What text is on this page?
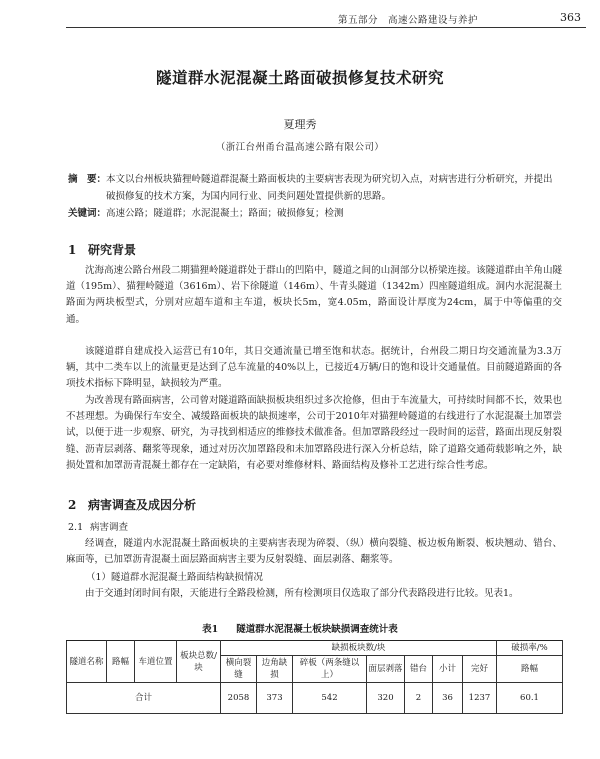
第五部分　高速公路建设与养护	363
隧道群水泥混凝土路面破损修复技术研究
夏理秀
（浙江台州甬台温高速公路有限公司）
摘　要： 本文以台州板块猫狸岭隧道群混凝土路面板块的主要病害表现为研究切入点，对病害进行分析研究，并提出破损修复的技术方案，为国内同行业、同类问题处置提供新的思路。
关键词： 高速公路；隧道群；水泥混凝土；路面；破损修复；检测
1 研究背景

沈海高速公路台州段二期猫狸岭隧道群处于群山的凹陷中，隧道之间的山洞部分以桥梁连接。该隧道群由羊角山隧道（195m）、猫狸岭隧道（3616m）、岩下徐隧道（146m）、牛青头隧道（1342m）四座隧道组成。洞内水泥混凝土路面为两块板型式，分别对应超车道和主车道，板块长5m，宽4.05m，路面设计厚度为24cm，属于中等偏重的交通。

该隧道群自建成投入运营已有10年，其日交通流量已增至饱和状态。据统计，台州段二期日均交通流量为3.3万辆，其中二类车以上的流量更是达到了总车流量的40%以上，已接近4万辆/日的饱和设计交通量值。目前隧道路面的各项技术指标下降明显，缺损较为严重。

为改善现有路面病害，公司曾对隧道路面缺损板块组织过多次抢修，但由于车流量大，可持续时间都不长，效果也不甚理想。为确保行车安全、减缓路面板块的缺损速率，公司于2010年对猫狸岭隧道的右线进行了水泥混凝土加罩尝试，以便于进一步观察、研究，为寻找到相适应的维修技术做准备。但加罩路段经过一段时间的运营，路面出现反射裂缝、沥青层剥落、翻浆等现象，通过对历次加罩路段和未加罩路段进行深入分析总结，除了道路交通荷载影响之外，缺损处置和加罩沥青混凝土都存在一定缺陷，有必要对维修材料、路面结构及修补工艺进行综合性考虑。

2 病害调查及成因分析
2.1 病害调查

经调查，隧道内水泥混凝土路面板块的主要病害表现为碎裂、（纵）横向裂缝、板边板角断裂、板块翘动、错台、麻面等，已加罩沥青混凝土面层路面病害主要为反射裂缝、面层剥落、翻浆等。

（1）隧道群水泥混凝土路面结构缺损情况

由于交通封闭时间有限，天能进行全路段检测，所有检测项目仅选取了部分代表路段进行比较。见表1。

表1 隧道群水泥混凝土板块缺损调查统计表
隧道名称	路幅	车道位置	板块总数/块	缺损板块数/块							破损率/%
				横向裂缝	边角缺损	碎板（两条缝以上）	面层剥落	错台	小计	完好	路幅
合计				2058	373	542	320	2	36	1237	60.1
